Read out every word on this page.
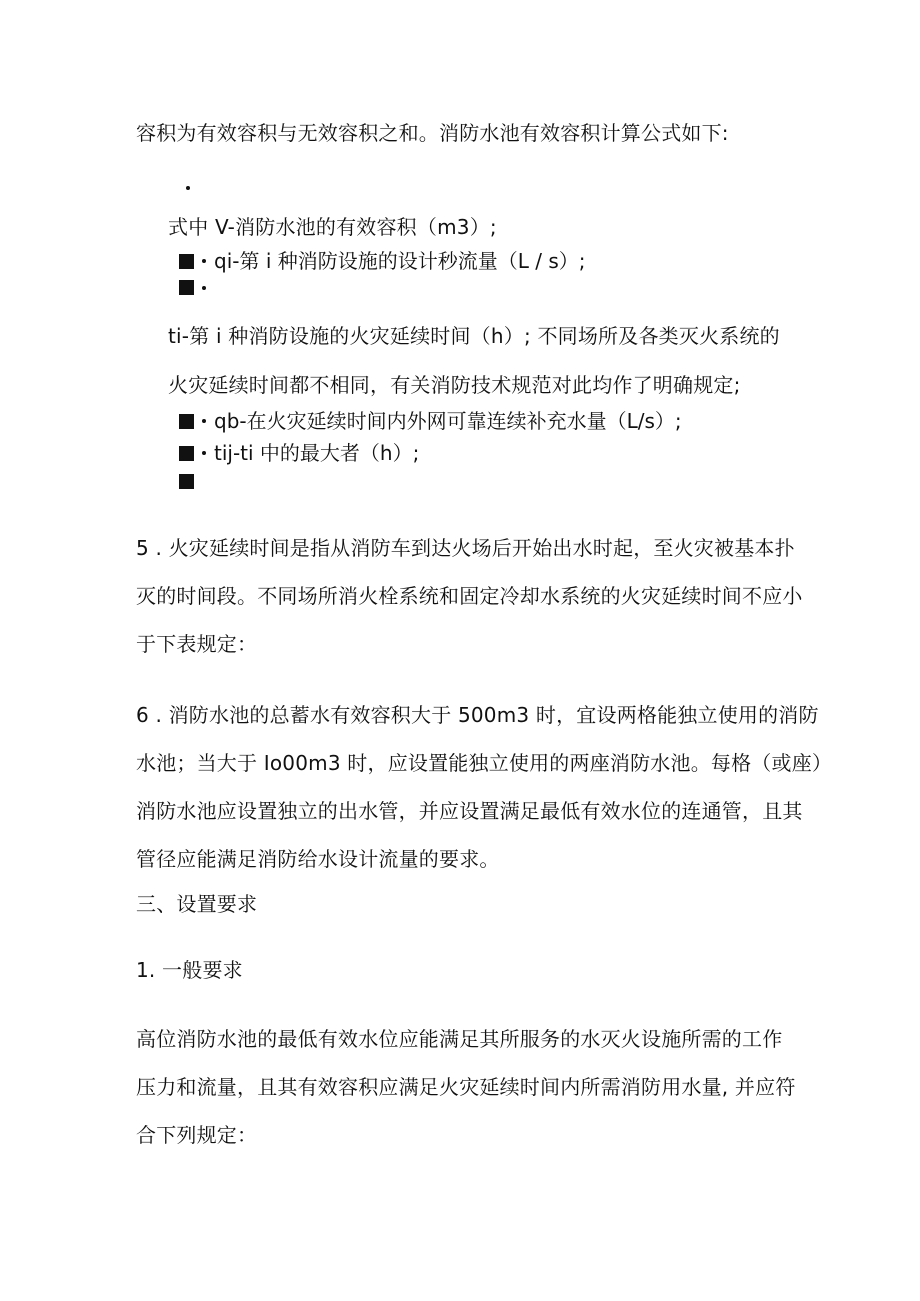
容积为有效容积与无效容积之和。消防水池有效容积计算公式如下:
式中 V-消防水池的有效容积（m3）;
qi-第 i 种消防设施的设计秒流量（L / s）;
ti-第 i 种消防设施的火灾延续时间（h）; 不同场所及各类灭火系统的
火灾延续时间都不相同，有关消防技术规范对此均作了明确规定;
qb-在火灾延续时间内外网可靠连续补充水量（L/s）;
tij-ti 中的最大者（h）;
5 . 火灾延续时间是指从消防车到达火场后开始出水时起，至火灾被基本扑
灭的时间段。不同场所消火栓系统和固定冷却水系统的火灾延续时间不应小
于下表规定：
6 . 消防水池的总蓄水有效容积大于 500m3 时，宜设两格能独立使用的消防
水池；当大于 Io00m3 时，应设置能独立使用的两座消防水池。每格（或座）
消防水池应设置独立的出水管，并应设置满足最低有效水位的连通管，且其
管径应能满足消防给水设计流量的要求。
三、设置要求
1. 一般要求
高位消防水池的最低有效水位应能满足其所服务的水灭火设施所需的工作
压力和流量，且其有效容积应满足火灾延续时间内所需消防用水量, 并应符
合下列规定：
